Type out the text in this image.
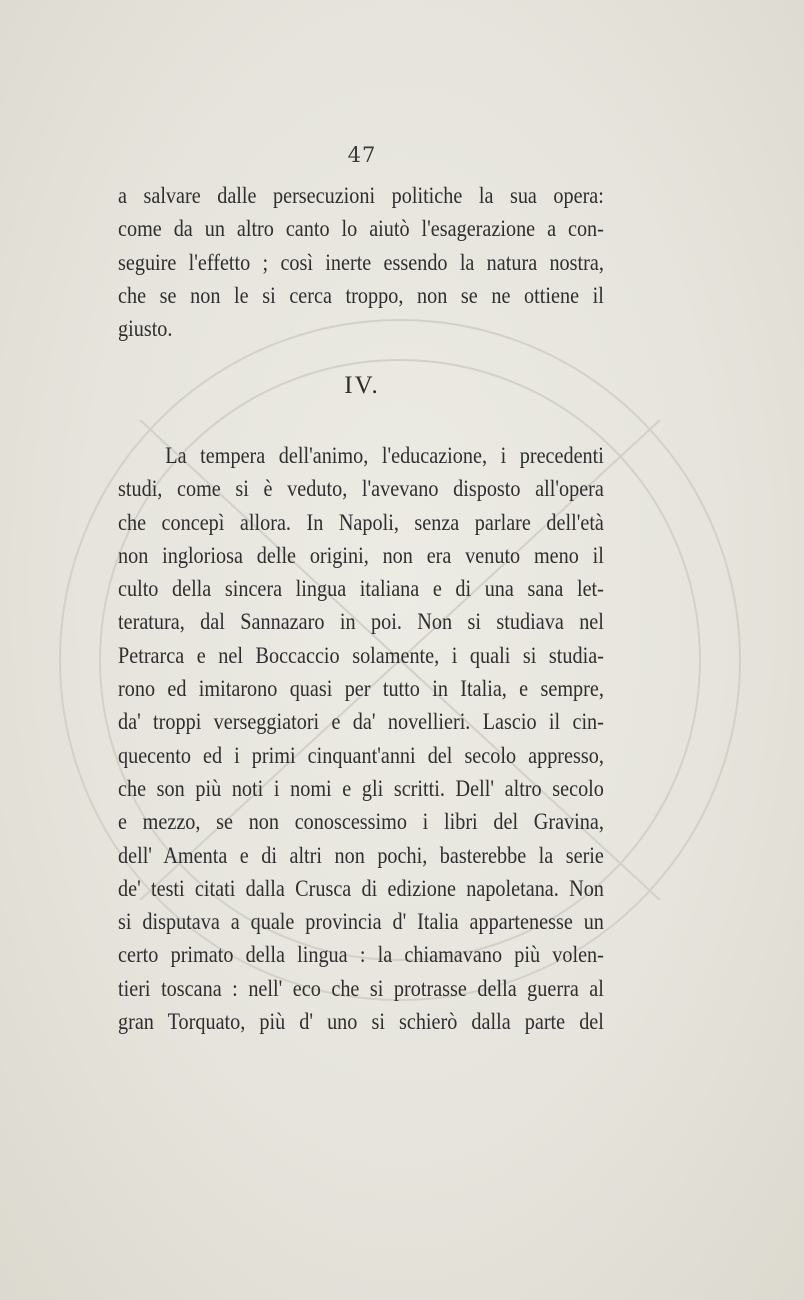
47
a salvare dalle persecuzioni politiche la sua opera:
come da un altro canto lo aiutò l'esagerazione a con-
seguire l'effetto ; così inerte essendo la natura nostra,
che se non le si cerca troppo, non se ne ottiene il
giusto.
IV.
La tempera dell'animo, l'educazione, i precedenti
studi, come si è veduto, l'avevano disposto all'opera
che concepì allora. In Napoli, senza parlare dell'età
non ingloriosa delle origini, non era venuto meno il
culto della sincera lingua italiana e di una sana let-
teratura, dal Sannazaro in poi. Non si studiava nel
Petrarca e nel Boccaccio solamente, i quali si studia-
rono ed imitarono quasi per tutto in Italia, e sempre,
da' troppi verseggiatori e da' novellieri. Lascio il cin-
quecento ed i primi cinquant'anni del secolo appresso,
che son più noti i nomi e gli scritti. Dell' altro secolo
e mezzo, se non conoscessimo i libri del Gravina,
dell' Amenta e di altri non pochi, basterebbe la serie
de' testi citati dalla Crusca di edizione napoletana. Non
si disputava a quale provincia d' Italia appartenesse un
certo primato della lingua : la chiamavano più volen-
tieri toscana : nell' eco che si protrasse della guerra al
gran Torquato, più d' uno si schierò dalla parte del
